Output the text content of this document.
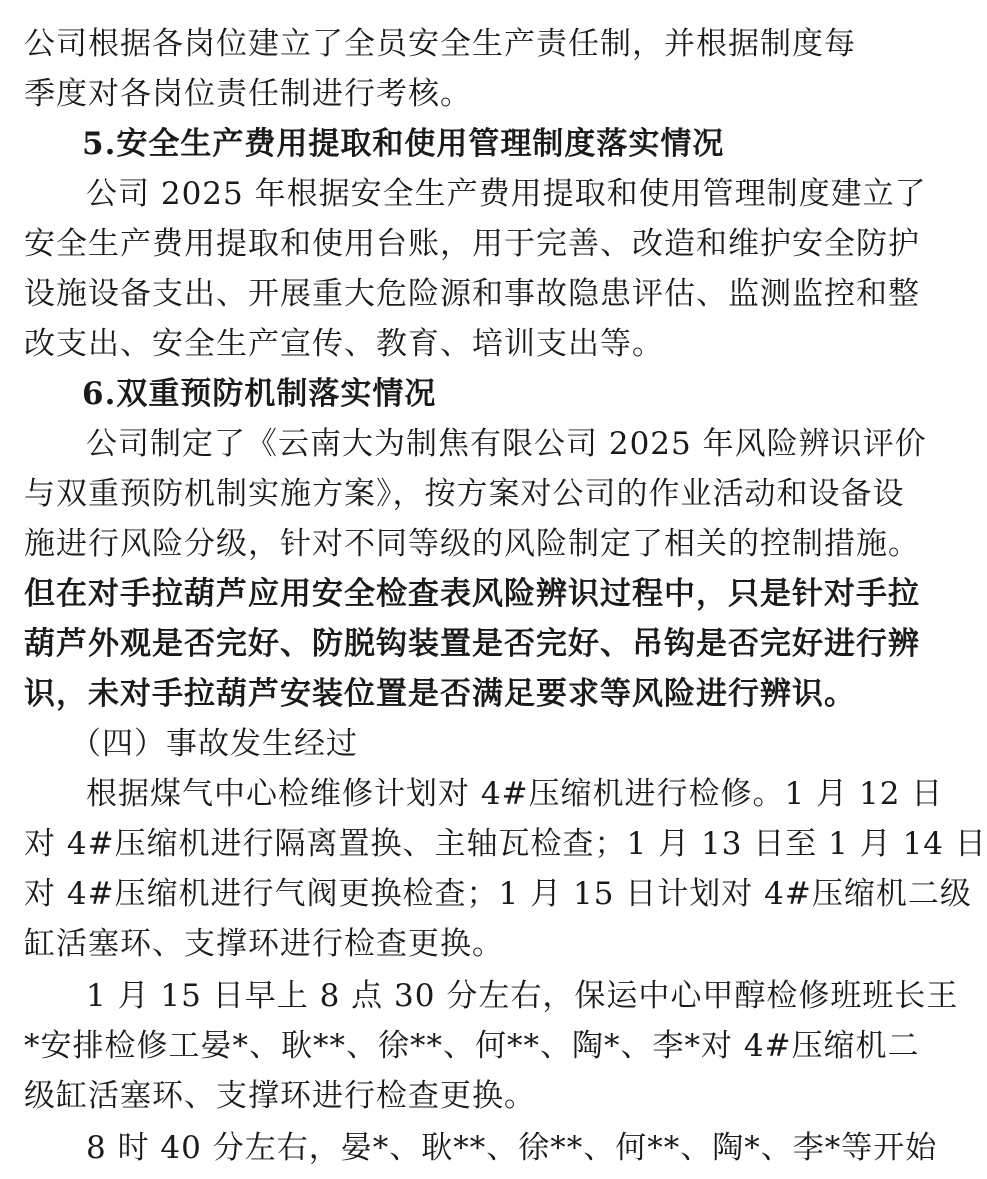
公司根据各岗位建立了全员安全生产责任制，并根据制度每
季度对各岗位责任制进行考核。
5.安全生产费用提取和使用管理制度落实情况
公司 2025 年根据安全生产费用提取和使用管理制度建立了
安全生产费用提取和使用台账，用于完善、改造和维护安全防护
设施设备支出、开展重大危险源和事故隐患评估、监测监控和整
改支出、安全生产宣传、教育、培训支出等。
6.双重预防机制落实情况
公司制定了《云南大为制焦有限公司 2025 年风险辨识评价
与双重预防机制实施方案》，按方案对公司的作业活动和设备设
施进行风险分级，针对不同等级的风险制定了相关的控制措施。
但在对手拉葫芦应用安全检查表风险辨识过程中，只是针对手拉
葫芦外观是否完好、防脱钩装置是否完好、吊钩是否完好进行辨
识，未对手拉葫芦安装位置是否满足要求等风险进行辨识。
（四）事故发生经过
根据煤气中心检维修计划对 4#压缩机进行检修。1 月 12 日
对 4#压缩机进行隔离置换、主轴瓦检查；1 月 13 日至 1 月 14 日
对 4#压缩机进行气阀更换检查；1 月 15 日计划对 4#压缩机二级
缸活塞环、支撑环进行检查更换。
1 月 15 日早上 8 点 30 分左右，保运中心甲醇检修班班长王
*安排检修工晏*、耿**、徐**、何**、陶*、李*对 4#压缩机二
级缸活塞环、支撑环进行检查更换。
8 时 40 分左右，晏*、耿**、徐**、何**、陶*、李*等开始
